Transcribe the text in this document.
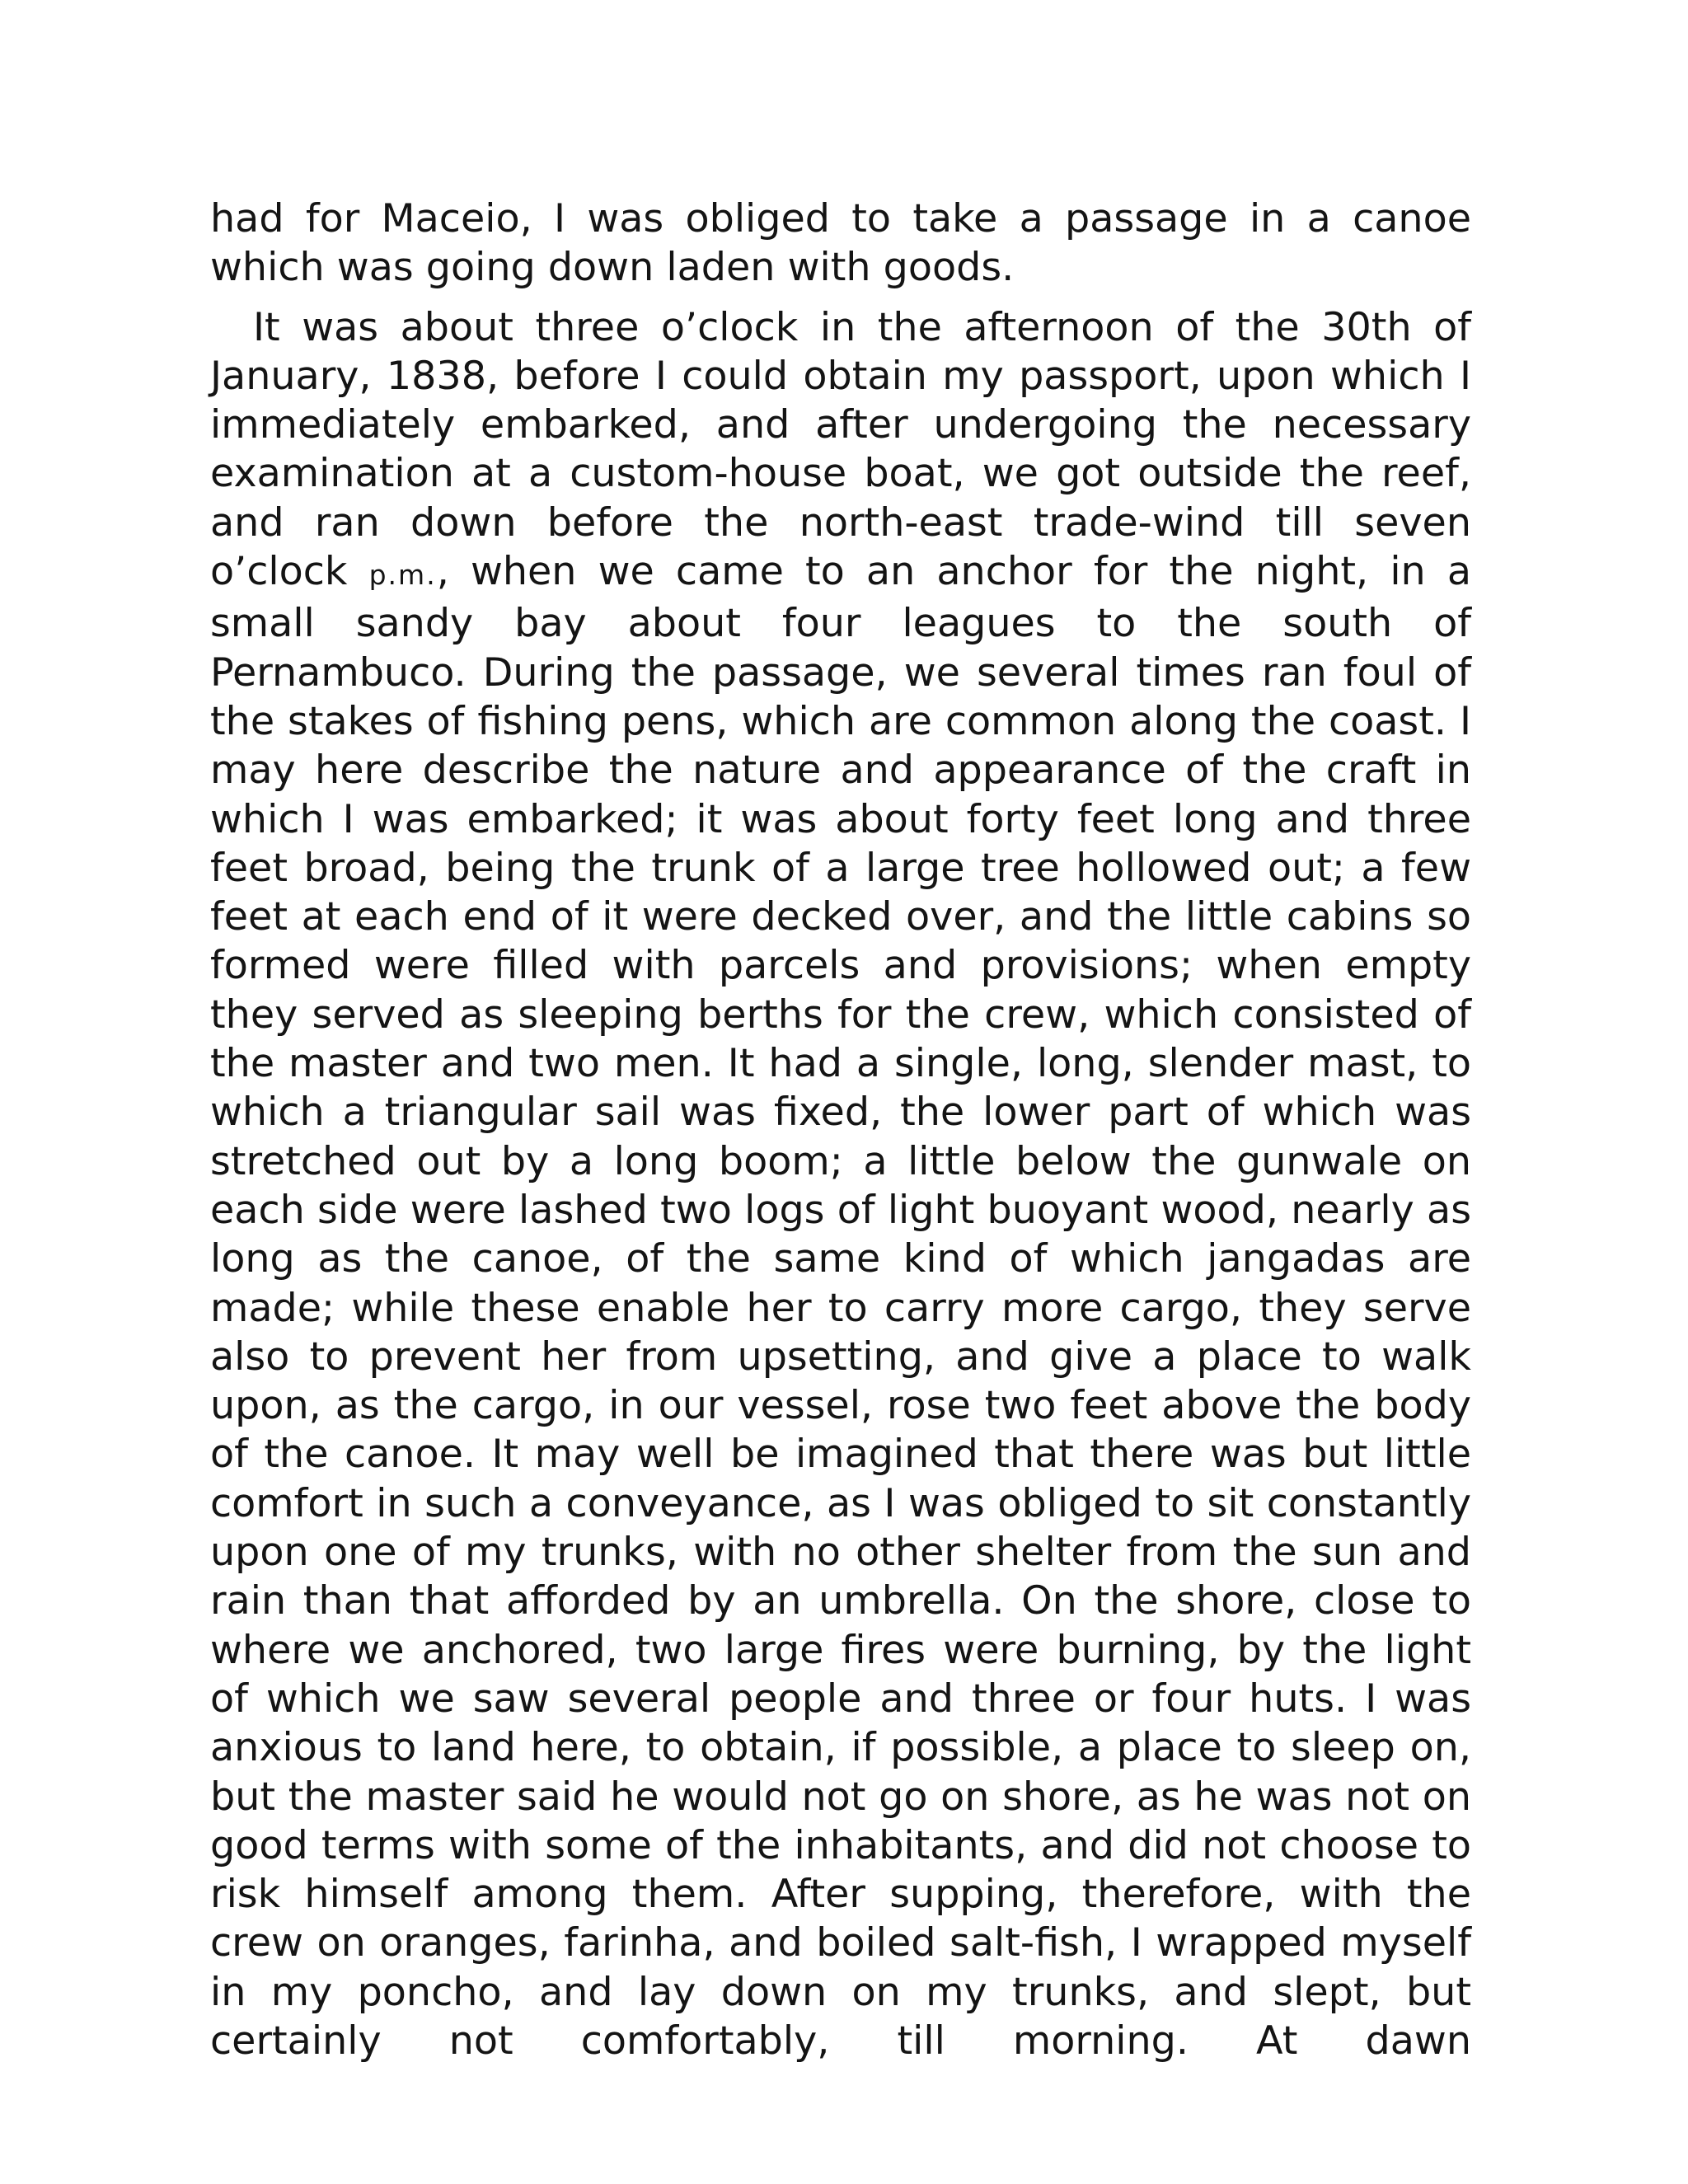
had for Maceio, I was obliged to take a passage in a canoe which was going down laden with goods.

It was about three o’clock in the afternoon of the 30th of January, 1838, before I could obtain my passport, upon which I immediately embarked, and after undergoing the necessary examination at a custom-house boat, we got outside the reef, and ran down before the north-east trade-wind till seven o’clock p.m., when we came to an anchor for the night, in a small sandy bay about four leagues to the south of Pernambuco. During the passage, we several times ran foul of the stakes of fishing pens, which are common along the coast. I may here describe the nature and appearance of the craft in which I was embarked; it was about forty feet long and three feet broad, being the trunk of a large tree hollowed out; a few feet at each end of it were decked over, and the little cabins so formed were filled with parcels and provisions; when empty they served as sleeping berths for the crew, which consisted of the master and two men. It had a single, long, slender mast, to which a triangular sail was fixed, the lower part of which was stretched out by a long boom; a little below the gunwale on each side were lashed two logs of light buoyant wood, nearly as long as the canoe, of the same kind of which jangadas are made; while these enable her to carry more cargo, they serve also to prevent her from upsetting, and give a place to walk upon, as the cargo, in our vessel, rose two feet above the body of the canoe. It may well be imagined that there was but little comfort in such a conveyance, as I was obliged to sit constantly upon one of my trunks, with no other shelter from the sun and rain than that afforded by an umbrella. On the shore, close to where we anchored, two large fires were burning, by the light of which we saw several people and three or four huts. I was anxious to land here, to obtain, if possible, a place to sleep on, but the master said he would not go on shore, as he was not on good terms with some of the inhabitants, and did not choose to risk himself among them. After supping, therefore, with the crew on oranges, farinha, and boiled salt-fish, I wrapped myself in my poncho, and lay down on my trunks, and slept, but certainly not comfortably, till morning. At dawn
